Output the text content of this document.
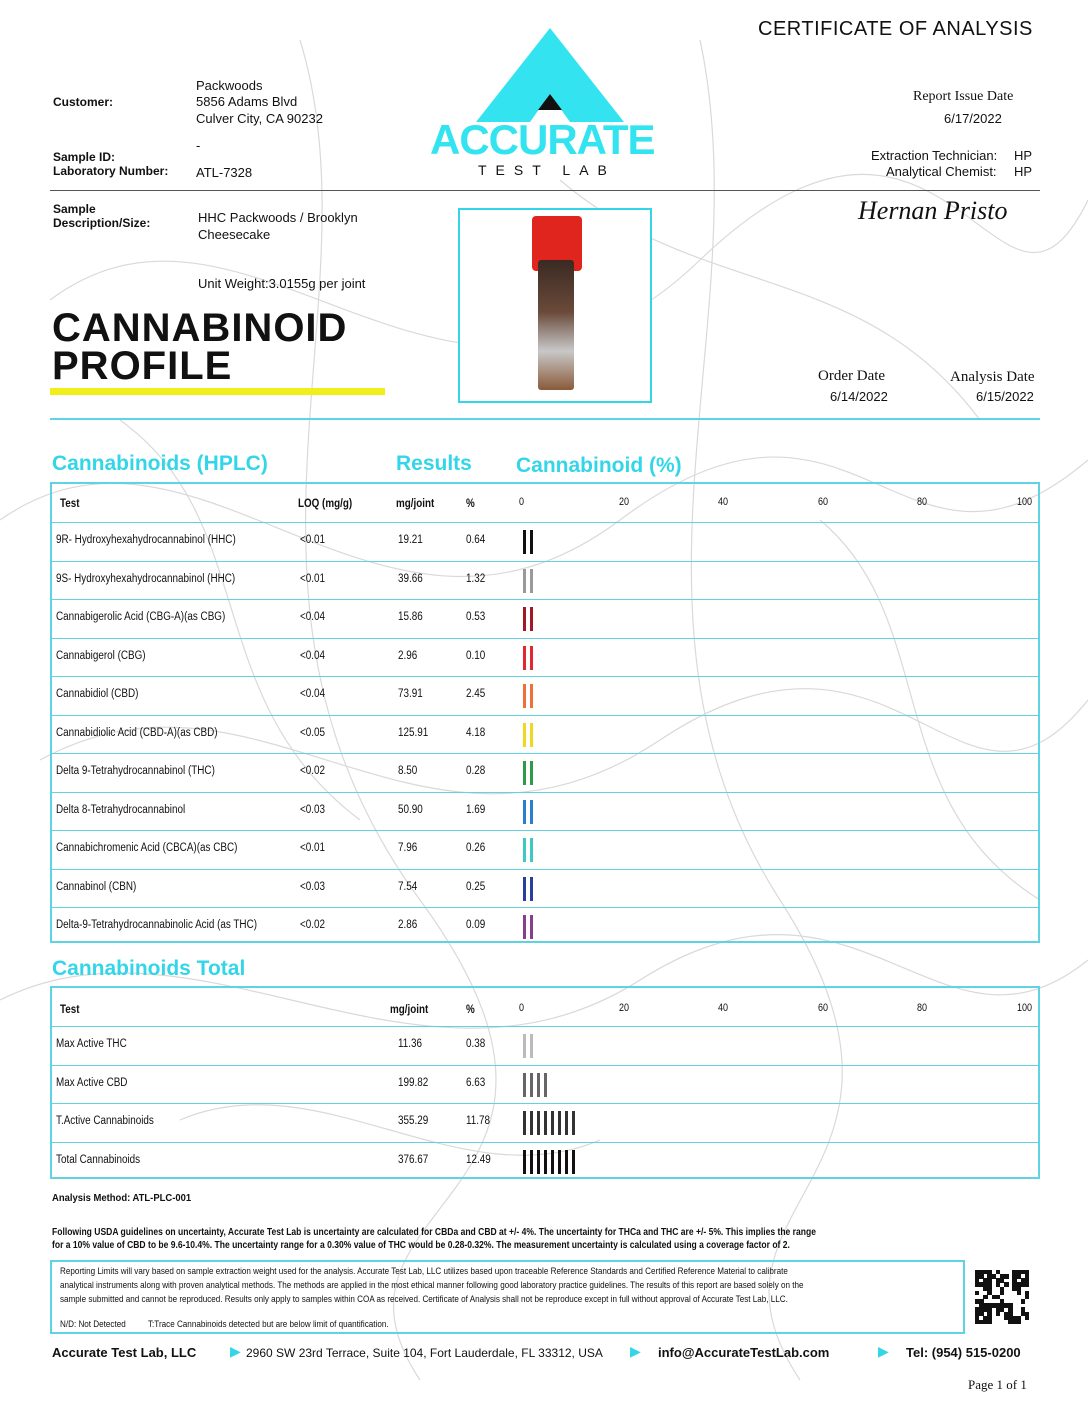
CERTIFICATE OF ANALYSIS
Customer:
Packwoods
5856 Adams Blvd
Culver City, CA 90232
Sample ID:
-
Laboratory Number: ATL-7328
Sample
Description/Size:	HHC Packwoods / Brooklyn
Cheesecake
Unit Weight:3.0155g per joint
ACCURATE
TEST LAB
Report Issue Date
6/17/2022
Extraction Technician: HP
Analytical Chemist: HP
Hernan Pristo
CANNABINOID
PROFILE	Order Date
6/14/2022
Analysis Date
6/15/2022
Cannabinoids (HPLC)	Results Cannabinoid (%)
Test	LOQ (mg/g)	mg/joint	%	0	20	40	60	80	100
9R- Hydroxyhexahydrocannabinol (HHC)	<0.01	19.21	0.64
9S- Hydroxyhexahydrocannabinol (HHC)	<0.01	39.66	1.32
Cannabigerolic Acid (CBG-A)(as CBG)	<0.04	15.86	0.53
Cannabigerol (CBG)	<0.04	2.96	0.10
Cannabidiol (CBD)	<0.04	73.91	2.45
Cannabidiolic Acid (CBD-A)(as CBD)	<0.05	125.91	4.18
Delta 9-Tetrahydrocannabinol (THC)	<0.02	8.50	0.28
Delta 8-Tetrahydrocannabinol	<0.03	50.90	1.69
Cannabichromenic Acid (CBCA)(as CBC)	<0.01	7.96	0.26
Cannabinol (CBN)	<0.03	7.54	0.25
Delta-9-Tetrahydrocannabinolic Acid (as THC)	<0.02	2.86	0.09
Cannabinoids Total
Test	mg/joint	%	0	20	40	60	80	100
Max Active THC	11.36	0.38
Max Active CBD	199.82	6.63
T.Active Cannabinoids	355.29	11.78
Total Cannabinoids	376.67	12.49
Analysis Method: ATL-PLC-001
Following USDA guidelines on uncertainty, Accurate Test Lab is uncertainty are calculated for CBDa and CBD at +/- 4%. The uncertainty for THCa and THC are +/- 5%. This implies the range
for a 10% value of CBD to be 9.6-10.4%. The uncertainty range for a 0.30% value of THC would be 0.28-0.32%. The measurement uncertainty is calculated using a coverage factor of 2.
Reporting Limits will vary based on sample extraction weight used for the analysis. Accurate Test Lab, LLC utilizes based upon traceable Reference Standards and Certified Reference Material to calibrate
analytical instruments along with proven analytical methods. The methods are applied in the most ethical manner following good laboratory practice guidelines. The results of this report are based solely on the
sample submitted and cannot be reproduced. Results only apply to samples within COA as received. Certificate of Analysis shall not be reproduce except in full without approval of Accurate Test Lab, LLC.
N/D: Not Detected T:Trace Cannabinoids detected but are below limit of quantification.
Accurate Test Lab, LLC ▶ 2960 SW 23rd Terrace, Suite 104, Fort Lauderdale, FL 33312, USA ▶ info@AccurateTestLab.com	▶ Tel: (954) 515-0200
Page 1 of 1
